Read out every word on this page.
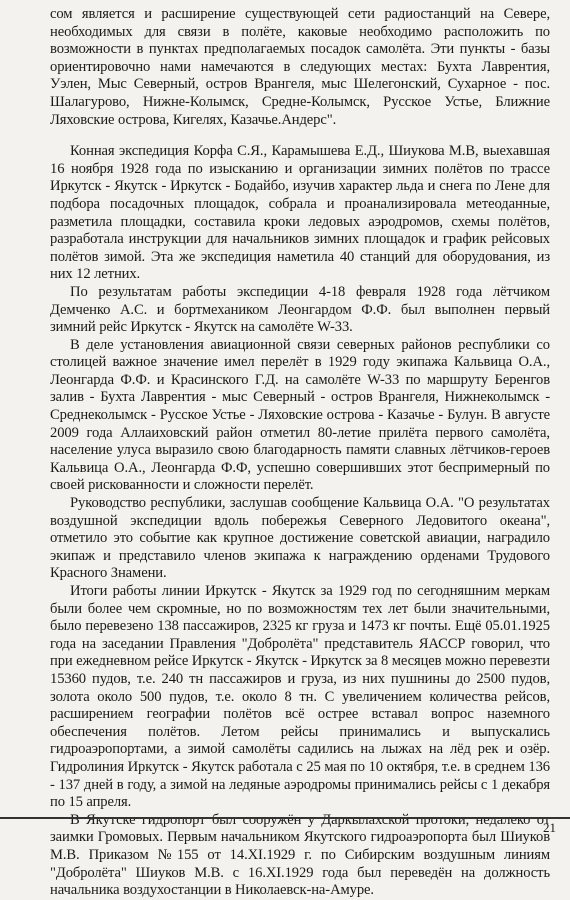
сом является и расширение существующей сети радиостанций на Севере, необходимых для связи в полёте, каковые необходимо расположить по возможности в пунктах предполагаемых посадок самолёта. Эти пункты - базы ориентировочно нами намечаются в следующих местах: Бухта Лаврентия, Уэлен, Мыс Северный, остров Врангеля, мыс Шелегонский, Сухарное - пос. Шалагурово, Нижне-Колымск, Средне-Колымск, Русское Устье, Ближние Ляховские острова, Кигелях, Казачье.Андерс".

Конная экспедиция Корфа С.Я., Карамышева Е.Д., Шиукова М.В, выехавшая 16 ноября 1928 года по изысканию и организации зимних полётов по трассе Иркутск - Якутск - Иркутск - Бодайбо, изучив характер льда и снега по Лене для подбора посадочных площадок, собрала и проанализировала метеоданные, разметила площадки, составила кроки ледовых аэродромов, схемы полётов, разработала инструкции для начальников зимних площадок и график рейсовых полётов зимой. Эта же экспедиция наметила 40 станций для оборудования, из них 12 летних.

По результатам работы экспедиции 4-18 февраля 1928 года лётчиком Демченко А.С. и бортмехаником Леонгардом Ф.Ф. был выполнен первый зимний рейс Иркутск - Якутск на самолёте W-33.

В деле установления авиационной связи северных районов республики со столицей важное значение имел перелёт в 1929 году экипажа Кальвица О.А., Леонгарда Ф.Ф. и Красинского Г.Д. на самолёте W-33 по маршруту Беренгов залив - Бухта Лаврентия - мыс Северный - остров Врангеля, Нижнеколымск - Среднеколымск - Русское Устье - Ляховские острова - Казачье - Булун. В августе 2009 года Аллаиховский район отметил 80-летие прилёта первого самолёта, население улуса выразило свою благодарность памяти славных лётчиков-героев Кальвица О.А., Леонгарда Ф.Ф, успешно совершивших этот беспримерный по своей рискованности и сложности перелёт.

Руководство республики, заслушав сообщение Кальвица О.А. "О результатах воздушной экспедиции вдоль побережья Северного Ледовитого океана", отметило это событие как крупное достижение советской авиации, наградило экипаж и представило членов экипажа к награждению орденами Трудового Красного Знамени.

Итоги работы линии Иркутск - Якутск за 1929 год по сегодняшним меркам были более чем скромные, но по возможностям тех лет были значительными, было перевезено 138 пассажиров, 2325 кг груза и 1473 кг почты. Ещё 05.01.1925 года на заседании Правления "Добролёта" представитель ЯАССР говорил, что при ежедневном рейсе Иркутск - Якутск - Иркутск за 8 месяцев можно перевезти 15360 пудов, т.е. 240 тн пассажиров и груза, из них пушнины до 2500 пудов, золота около 500 пудов, т.е. около 8 тн. С увеличением количества рейсов, расширением географии полётов всё острее вставал вопрос наземного обеспечения полётов. Летом рейсы принимались и выпускались гидроаэропортами, а зимой самолёты садились на лыжах на лёд рек и озёр. Гидролиния Иркутск - Якутск работала с 25 мая по 10 октября, т.е. в среднем 136 - 137 дней в году, а зимой на ледяные аэродромы принимались рейсы с 1 декабря по 15 апреля.

В Якутске гидропорт был сооружён у Даркылахской протоки, недалеко от заимки Громовых. Первым начальником Якутского гидроаэропорта был Шиуков М.В. Приказом №155 от 14.XI.1929 г. по Сибирским воздушным линиям "Добролёта" Шиуков М.В. с 16.XI.1929 года был переведён на должность начальника воздухостанции в Николаевск-на-Амуре.

21
